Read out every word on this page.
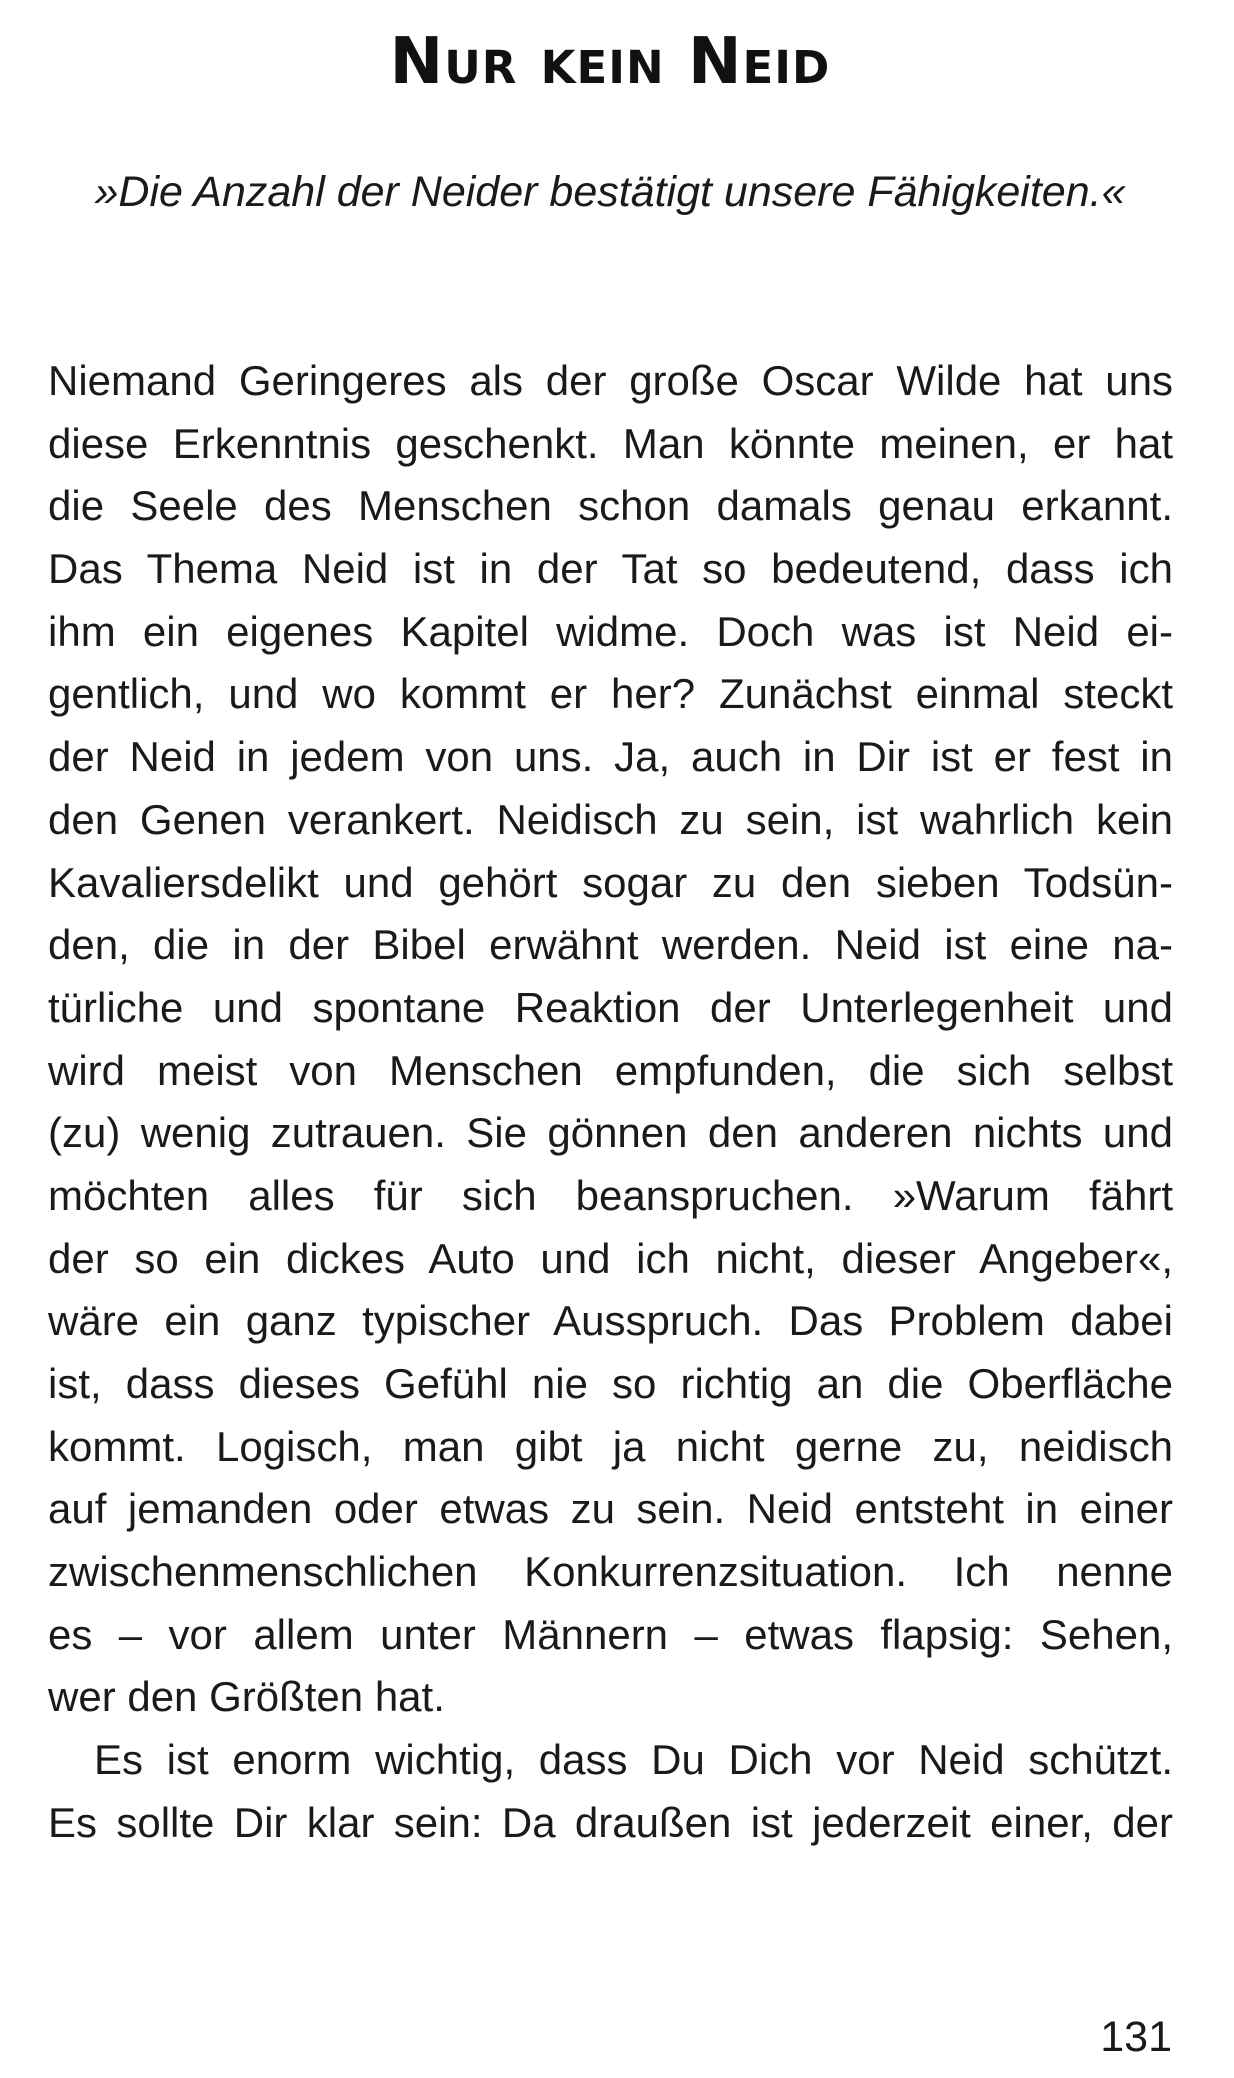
Nur kein Neid

»Die Anzahl der Neider bestätigt unsere Fähigkeiten.«

Niemand Geringeres als der große Oscar Wilde hat uns
diese Erkenntnis geschenkt. Man könnte meinen, er hat
die Seele des Menschen schon damals genau erkannt.
Das Thema Neid ist in der Tat so bedeutend, dass ich
ihm ein eigenes Kapitel widme. Doch was ist Neid ei-
gentlich, und wo kommt er her? Zunächst einmal steckt
der Neid in jedem von uns. Ja, auch in Dir ist er fest in
den Genen verankert. Neidisch zu sein, ist wahrlich kein
Kavaliersdelikt und gehört sogar zu den sieben Todsün-
den, die in der Bibel erwähnt werden. Neid ist eine na-
türliche und spontane Reaktion der Unterlegenheit und
wird meist von Menschen empfunden, die sich selbst
(zu) wenig zutrauen. Sie gönnen den anderen nichts und
möchten alles für sich beanspruchen. »Warum fährt
der so ein dickes Auto und ich nicht, dieser Angeber«,
wäre ein ganz typischer Ausspruch. Das Problem dabei
ist, dass dieses Gefühl nie so richtig an die Oberfläche
kommt. Logisch, man gibt ja nicht gerne zu, neidisch
auf jemanden oder etwas zu sein. Neid entsteht in einer
zwischenmenschlichen Konkurrenzsituation. Ich nenne
es – vor allem unter Männern – etwas flapsig: Sehen,
wer den Größten hat.

Es ist enorm wichtig, dass Du Dich vor Neid schützt.
Es sollte Dir klar sein: Da draußen ist jederzeit einer, der

131
